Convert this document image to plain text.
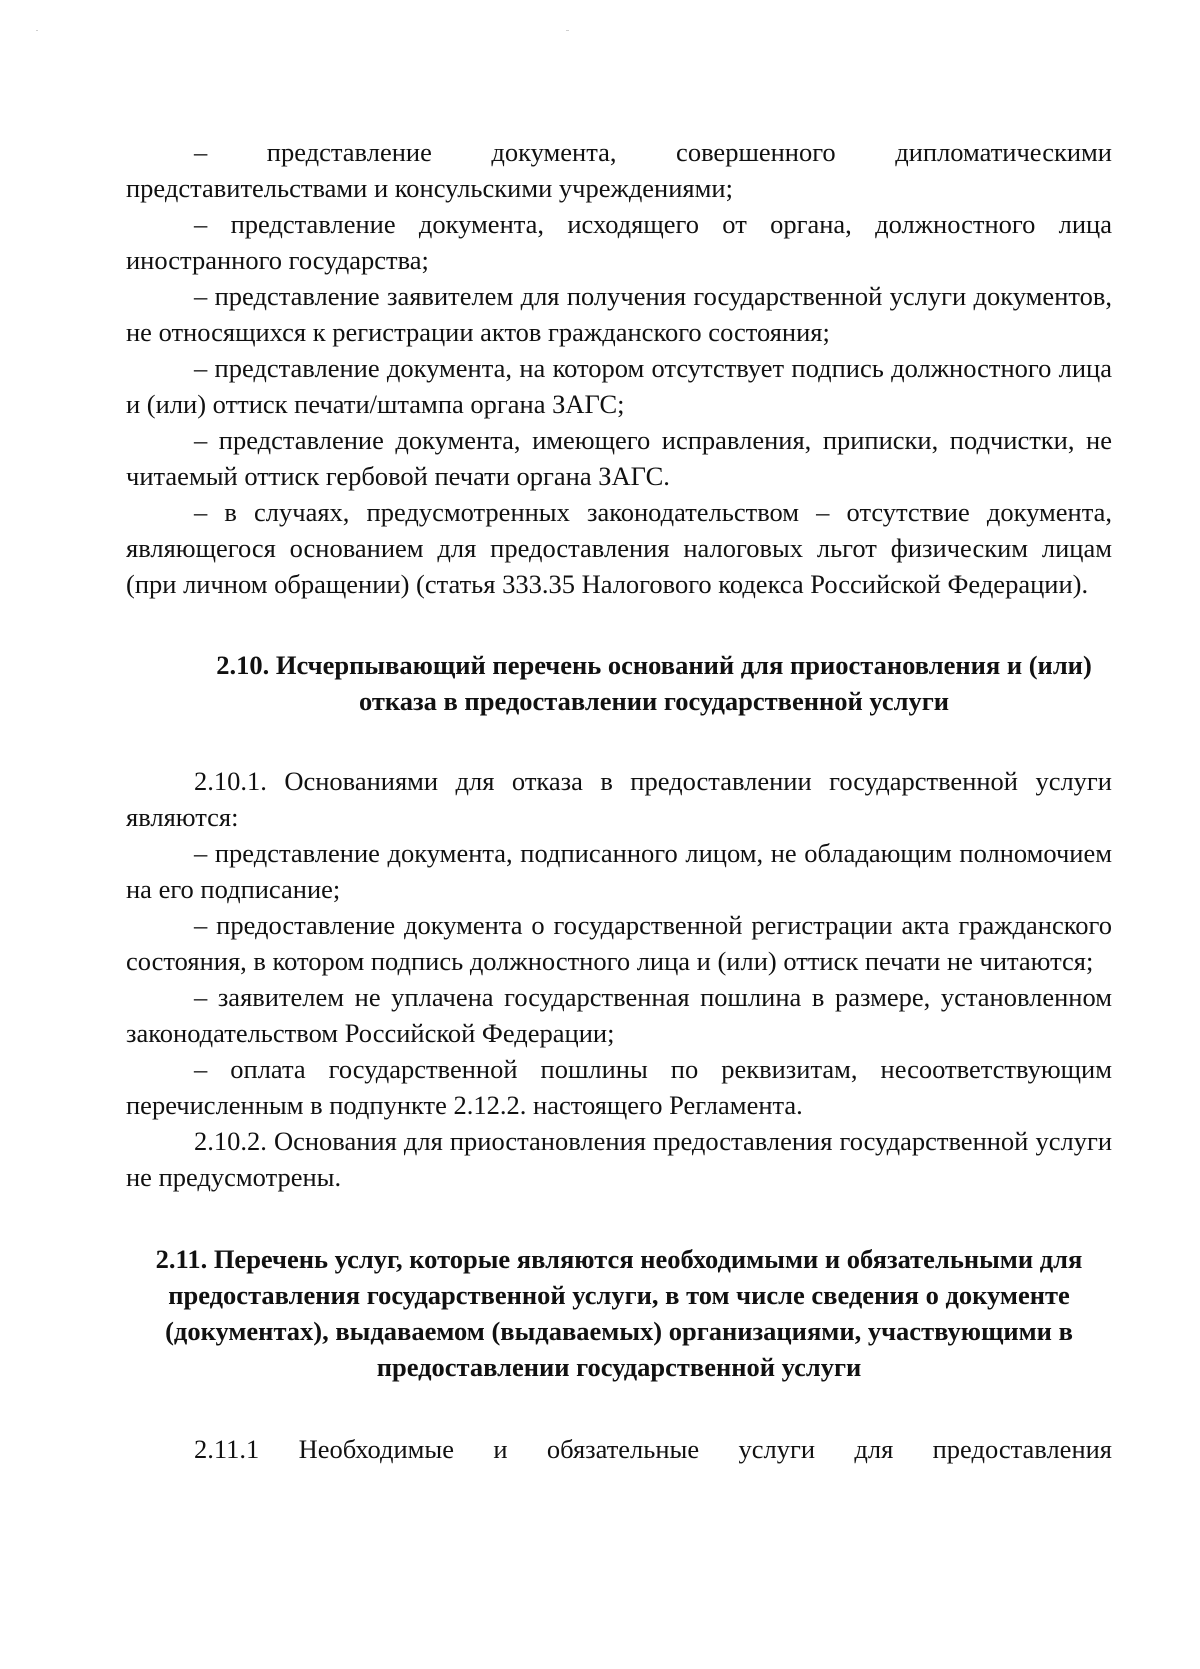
– представление документа, совершенного дипломатическими представительствами и консульскими учреждениями;

– представление документа, исходящего от органа, должностного лица иностранного государства;

– представление заявителем для получения государственной услуги документов, не относящихся к регистрации актов гражданского состояния;

– представление документа, на котором отсутствует подпись должностного лица и (или) оттиск печати/штампа органа ЗАГС;

– представление документа, имеющего исправления, приписки, подчистки, не читаемый оттиск гербовой печати органа ЗАГС.

– в случаях, предусмотренных законодательством – отсутствие документа, являющегося основанием для предоставления налоговых льгот физическим лицам (при личном обращении) (статья 333.35 Налогового кодекса Российской Федерации).

2.10. Исчерпывающий перечень оснований для приостановления и (или) отказа в предоставлении государственной услуги

2.10.1. Основаниями для отказа в предоставлении государственной услуги являются:

– представление документа, подписанного лицом, не обладающим полномочием на его подписание;

– предоставление документа о государственной регистрации акта гражданского состояния, в котором подпись должностного лица и (или) оттиск печати не читаются;

– заявителем не уплачена государственная пошлина в размере, установленном законодательством Российской Федерации;

– оплата государственной пошлины по реквизитам, несоответствующим перечисленным в подпункте 2.12.2. настоящего Регламента.

2.10.2. Основания для приостановления предоставления государственной услуги не предусмотрены.

2.11. Перечень услуг, которые являются необходимыми и обязательными для предоставления государственной услуги, в том числе сведения о документе (документах), выдаваемом (выдаваемых) организациями, участвующими в предоставлении государственной услуги

2.11.1 Необходимые и обязательные услуги для предоставления
